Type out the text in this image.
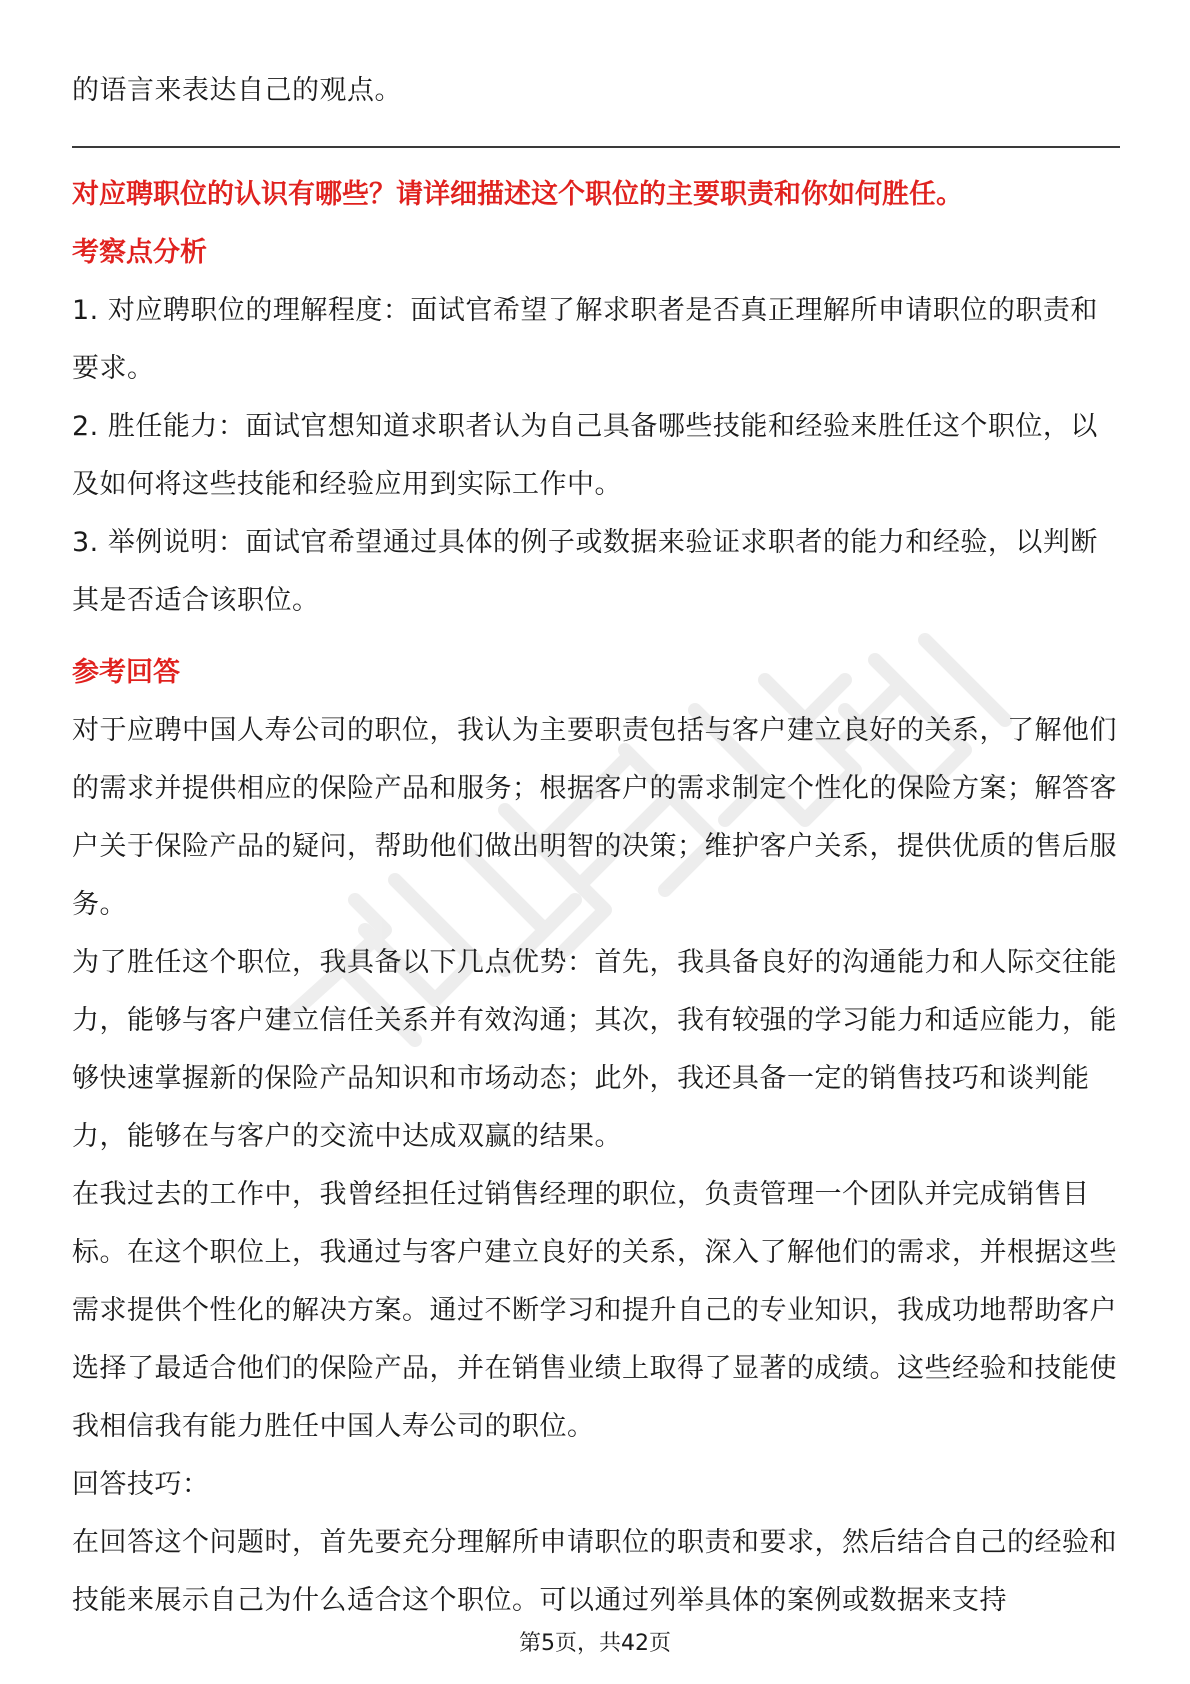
的语言来表达自己的观点。

对应聘职位的认识有哪些？请详细描述这个职位的主要职责和你如何胜任。

考察点分析

1. 对应聘职位的理解程度：面试官希望了解求职者是否真正理解所申请职位的职责和要求。

2. 胜任能力：面试官想知道求职者认为自己具备哪些技能和经验来胜任这个职位，以及如何将这些技能和经验应用到实际工作中。

3. 举例说明：面试官希望通过具体的例子或数据来验证求职者的能力和经验，以判断其是否适合该职位。

参考回答

对于应聘中国人寿公司的职位，我认为主要职责包括与客户建立良好的关系，了解他们的需求并提供相应的保险产品和服务；根据客户的需求制定个性化的保险方案；解答客户关于保险产品的疑问，帮助他们做出明智的决策；维护客户关系，提供优质的售后服务。

为了胜任这个职位，我具备以下几点优势：首先，我具备良好的沟通能力和人际交往能力，能够与客户建立信任关系并有效沟通；其次，我有较强的学习能力和适应能力，能够快速掌握新的保险产品知识和市场动态；此外，我还具备一定的销售技巧和谈判能力，能够在与客户的交流中达成双赢的结果。

在我过去的工作中，我曾经担任过销售经理的职位，负责管理一个团队并完成销售目标。在这个职位上，我通过与客户建立良好的关系，深入了解他们的需求，并根据这些需求提供个性化的解决方案。通过不断学习和提升自己的专业知识，我成功地帮助客户选择了最适合他们的保险产品，并在销售业绩上取得了显著的成绩。这些经验和技能使我相信我有能力胜任中国人寿公司的职位。

回答技巧：

在回答这个问题时，首先要充分理解所申请职位的职责和要求，然后结合自己的经验和技能来展示自己为什么适合这个职位。可以通过列举具体的案例或数据来支持

第5页，共42页
